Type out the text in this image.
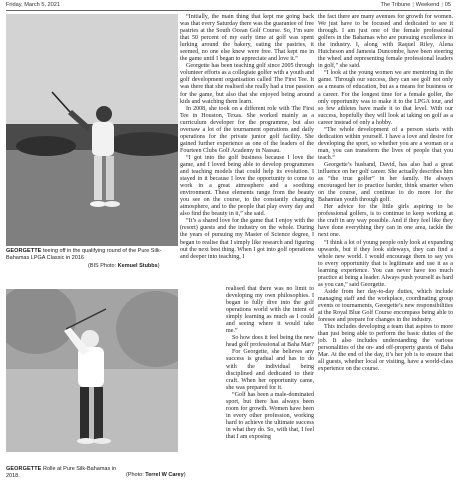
Friday, March 5, 2021	The Tribune | Weekend | 05
GEORGETTE teeing off in the qualifying round of the Pure Silk-Bahamas LPGA Classic in 2016
(BIS Photo: Kemuel Stubbs)
GEORGETTE Rolle at Pure Silk-Bahamas in 2018.	(Photo: Terrel W Carey)

“Initially, the main thing that kept me going back was that every Saturday there was the guarantee of free pastries at the South Ocean Golf Course. So, I’m sure that 50 percent of my early time at golf was spent lurking around the bakery, eating the pastries, it seemed, no one else knew were free. That kept me in the game until I began to appreciate and love it.”

Georgette has been teaching golf since 2005 through volunteer efforts as a collegiate golfer with a youth and golf development organisation called The First Tee. It was there that she realised she really had a true passion for the game, but also that she enjoyed being around kids and watching them learn.

In 2008, she took on a different role with The First Tee in Houston, Texas. She worked mainly as a curriculum developer for the programme, but also oversaw a lot of the tournament operations and daily operations for the private junior golf facility. She gained further experience as one of the leaders of the Fourteen Clubs Golf Academy in Nassau.

“I got into the golf business because I love the game, and I loved being able to develop programmes and teaching models that could help its evolution. I stayed in it because I love the opportunity to come to work in a great atmosphere and a soothing environment. These elements range from the beauty you see on the course, to the constantly changing atmosphere, and to the people that play every day and also find the beauty in it,” she said.

“It’s a shared love for the game that I enjoy with the (resort) guests and the industry on the whole. During the years of pursuing my Master of Science degree, I began to realise that I simply like research and figuring out the next best thing. When I got into golf operations and deeper into teaching, I

realised that there was no limit to developing my own philosophies. I began to fully dive into the golf operations world with the intent of simply learning as much as I could and seeing where it would take me.”

So how does it feel being the new head golf professional at Baha Mar?

For Georgette, she believes any success is gradual and has to do with the individual being disciplined and dedicated to their craft. When her opportunity came, she was prepared for it.

“Golf has been a male-dominated sport, but there has always been room for growth. Women have been in every other profession, working hard to achieve the ultimate success in what they do. So, with that, I feel that I am exposing

the fact there are many avenues for growth for women. We just have to be focused and dedicated to see it through. I am just one of the female professional golfers in the Bahamas who are pursuing excellence in the industry. I, along with Raquel Riley, Alena Hutcheson and Jamesia Duncombe, have been steering the wheel and representing female professional leaders in golf,” she said.

“I look at the young women we are mentoring in the game. Through our success, they can see golf not only as a means of education, but as a means for business or a career. For the longest time for a female golfer, the only opportunity was to make it to the LPGA tour, and so few athletes have made it to that level. With our success, hopefully they will look at taking on golf as a career instead of only a hobby.

“The whole development of a person starts with dedication within yourself. I have a love and desire for developing the sport, so whether you are a woman or a man, you can transform the lives of people that you teach.”

Georgette’s husband, David, has also had a great influence on her golf career. She actually describes him as “the true golfer” in her family. He always encouraged her to practice harder, think smarter when on the course, and continue to do more for the Bahamian youth through golf.

Her advice for the little girls aspiring to be professional golfers, is to continue to keep working at the craft in any way possible. And if they feel like they have done everything they can in one area, tackle the next one.

“I think a lot of young people only look at expanding upwards, but if they look sideways, they can find a whole new world. I would encourage them to say yes to every opportunity that is legitimate and use it as a learning experience. You can never have too much practice at being a leader. Always push yourself as hard as you can,” said Georgette.

Aside from her day-to-day duties, which include managing staff and the workplace, coordinating group events or tournaments, Georgette’s new responsibilities at the Royal Blue Golf Course encompass being able to foresee and prepare for changes in the industry.

This includes developing a team that aspires to more than just being able to perform the basic duties of the job. It also includes understanding the various personalities of the on- and off-property guests of Baha Mar. At the end of the day, it’s her job is to ensure that all guests, whether local or visiting, have a world-class experience on the course.
